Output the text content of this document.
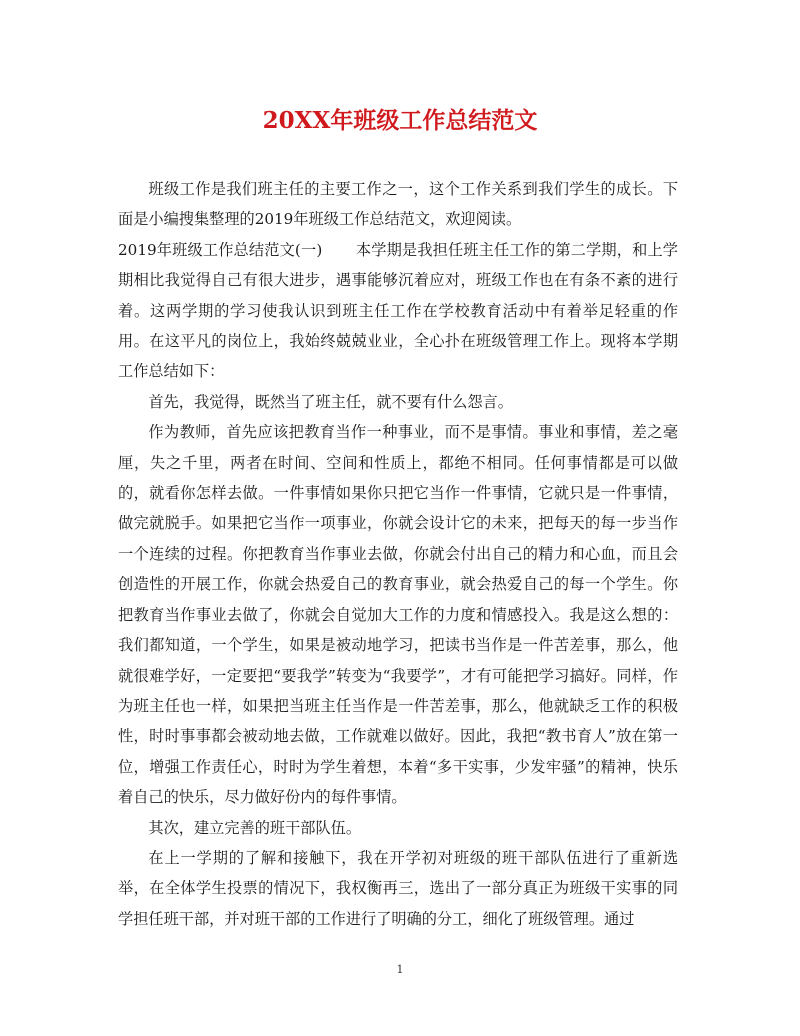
20XX年班级工作总结范文

班级工作是我们班主任的主要工作之一，这个工作关系到我们学生的成长。下面是小编搜集整理的2019年班级工作总结范文，欢迎阅读。

2019年班级工作总结范文(一) 本学期是我担任班主任工作的第二学期，和上学期相比我觉得自己有很大进步，遇事能够沉着应对，班级工作也在有条不紊的进行着。这两学期的学习使我认识到班主任工作在学校教育活动中有着举足轻重的作用。在这平凡的岗位上，我始终兢兢业业，全心扑在班级管理工作上。现将本学期工作总结如下：

首先，我觉得，既然当了班主任，就不要有什么怨言。

作为教师，首先应该把教育当作一种事业，而不是事情。事业和事情，差之毫厘，失之千里，两者在时间、空间和性质上，都绝不相同。任何事情都是可以做的，就看你怎样去做。一件事情如果你只把它当作一件事情，它就只是一件事情，做完就脱手。如果把它当作一项事业，你就会设计它的未来，把每天的每一步当作一个连续的过程。你把教育当作事业去做，你就会付出自己的精力和心血，而且会创造性的开展工作，你就会热爱自己的教育事业，就会热爱自己的每一个学生。你把教育当作事业去做了，你就会自觉加大工作的力度和情感投入。我是这么想的：我们都知道，一个学生，如果是被动地学习，把读书当作是一件苦差事，那么，他就很难学好，一定要把“要我学”转变为“我要学”，才有可能把学习搞好。同样，作为班主任也一样，如果把当班主任当作是一件苦差事，那么，他就缺乏工作的积极性，时时事事都会被动地去做，工作就难以做好。因此，我把“教书育人”放在第一位，增强工作责任心，时时为学生着想，本着“多干实事，少发牢骚”的精神，快乐着自己的快乐，尽力做好份内的每件事情。

其次，建立完善的班干部队伍。

在上一学期的了解和接触下，我在开学初对班级的班干部队伍进行了重新选举，在全体学生投票的情况下，我权衡再三，选出了一部分真正为班级干实事的同学担任班干部，并对班干部的工作进行了明确的分工，细化了班级管理。通过

1
